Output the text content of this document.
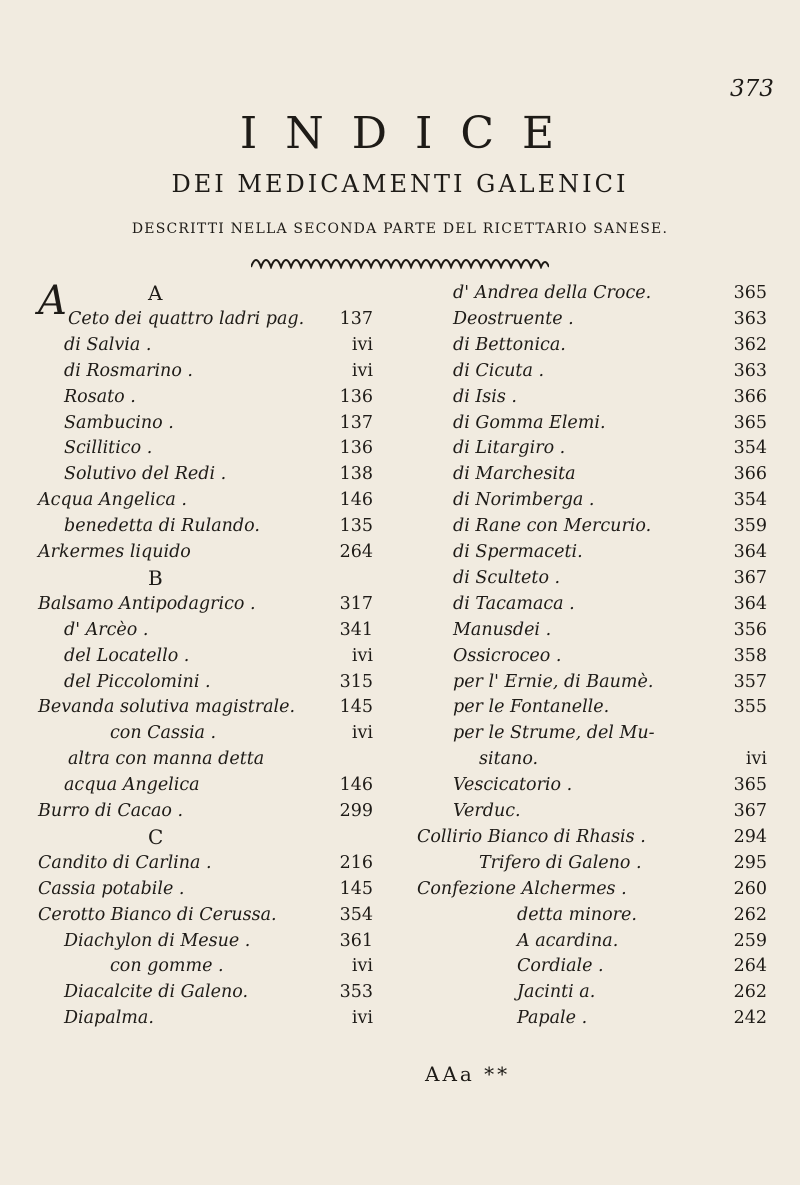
373
INDICE
DEI MEDICAMENTI GALENICI
DESCRITTI NELLA SECONDA PARTE DEL RICETTARIO SANESE.
A
A Ceto dei quattro ladri pag. 137
di Salvia .	ivi
di Rosmarino .	ivi
Rosato .	136
Sambucino .	137
Scillitico .	136
Solutivo del Redi .	138
Acqua Angelica .	146
benedetta di Rulando.	135
Arkermes liquido	264
B
Balsamo Antipodagrico .	317
d' Arcèo .	341
del Locatello .	ivi
del Piccolomini .	315
Bevanda solutiva magistrale.	145
con Cassia .	ivi
altra con manna detta
acqua Angelica	146
Burro di Cacao .	299
C
Candito di Carlina .	216
Cassia potabile .	145
Cerotto Bianco di Cerussa.	354
Diachylon di Mesue .	361
con gomme .	ivi
Diacalcite di Galeno.	353
Diapalma.	ivi
d' Andrea della Croce.	365
Deostruente .	363
di Bettonica.	362
di Cicuta .	363
di Isis .	366
di Gomma Elemi.	365
di Litargiro .	354
di Marchesita	366
di Norimberga .	354
di Rane con Mercurio.	359
di Spermaceti.	364
di Sculteto .	367
di Tacamaca .	364
Manusdei .	356
Ossicroceo .	358
per l' Ernie, di Baumè.	357
per le Fontanelle.	355
per le Strume, del Mu-
sitano.	ivi
Vescicatorio .	365
Verduc.	367
Collirio Bianco di Rhasis .	294
Trifero di Galeno .	295
Confezione Alchermes .	260
detta minore.	262
A acardina.	259
Cordiale .	264
Jacinti a.	262
Papale .	242
AAa **
